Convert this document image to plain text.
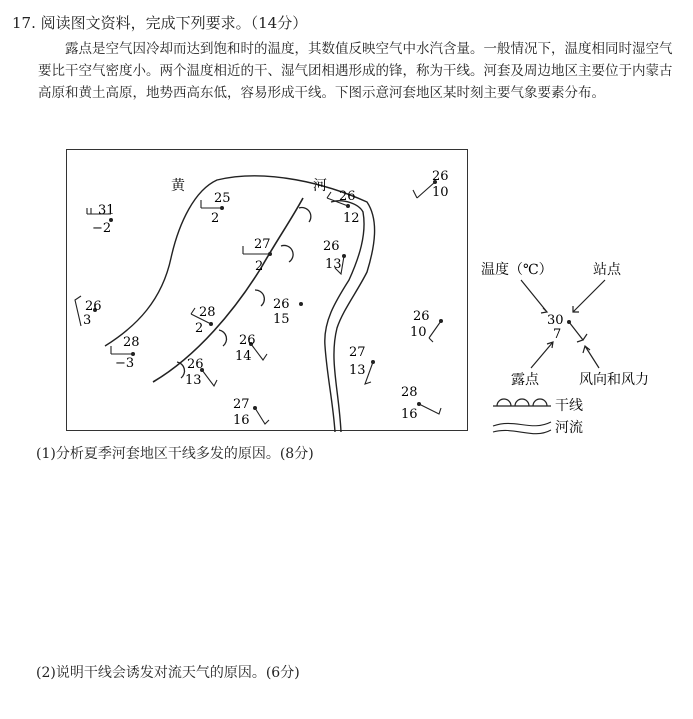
17. 阅读图文资料，完成下列要求。（14分）

露点是空气因冷却而达到饱和时的温度，其数值反映空气中水汽含量。一般情况下，温度相同时湿空气要比干空气密度小。两个温度相近的干、湿气团相遇形成的锋，称为干线。河套及周边地区主要位于内蒙古高原和黄土高原，地势西高东低，容易形成干线。下图示意河套地区某时刻主要气象要素分布。

黄	河
31
−2
25
2
26
12
26
10
27
2
26
13
26
3
28
2
26
15	26
10
28
−3
26
14	27
13
26
13
27
16
28
16
温度（℃）	站点
30
7
露点	风向和风力
干线
河流
(1)分析夏季河套地区干线多发的原因。(8分)
(2)说明干线会诱发对流天气的原因。(6分)
